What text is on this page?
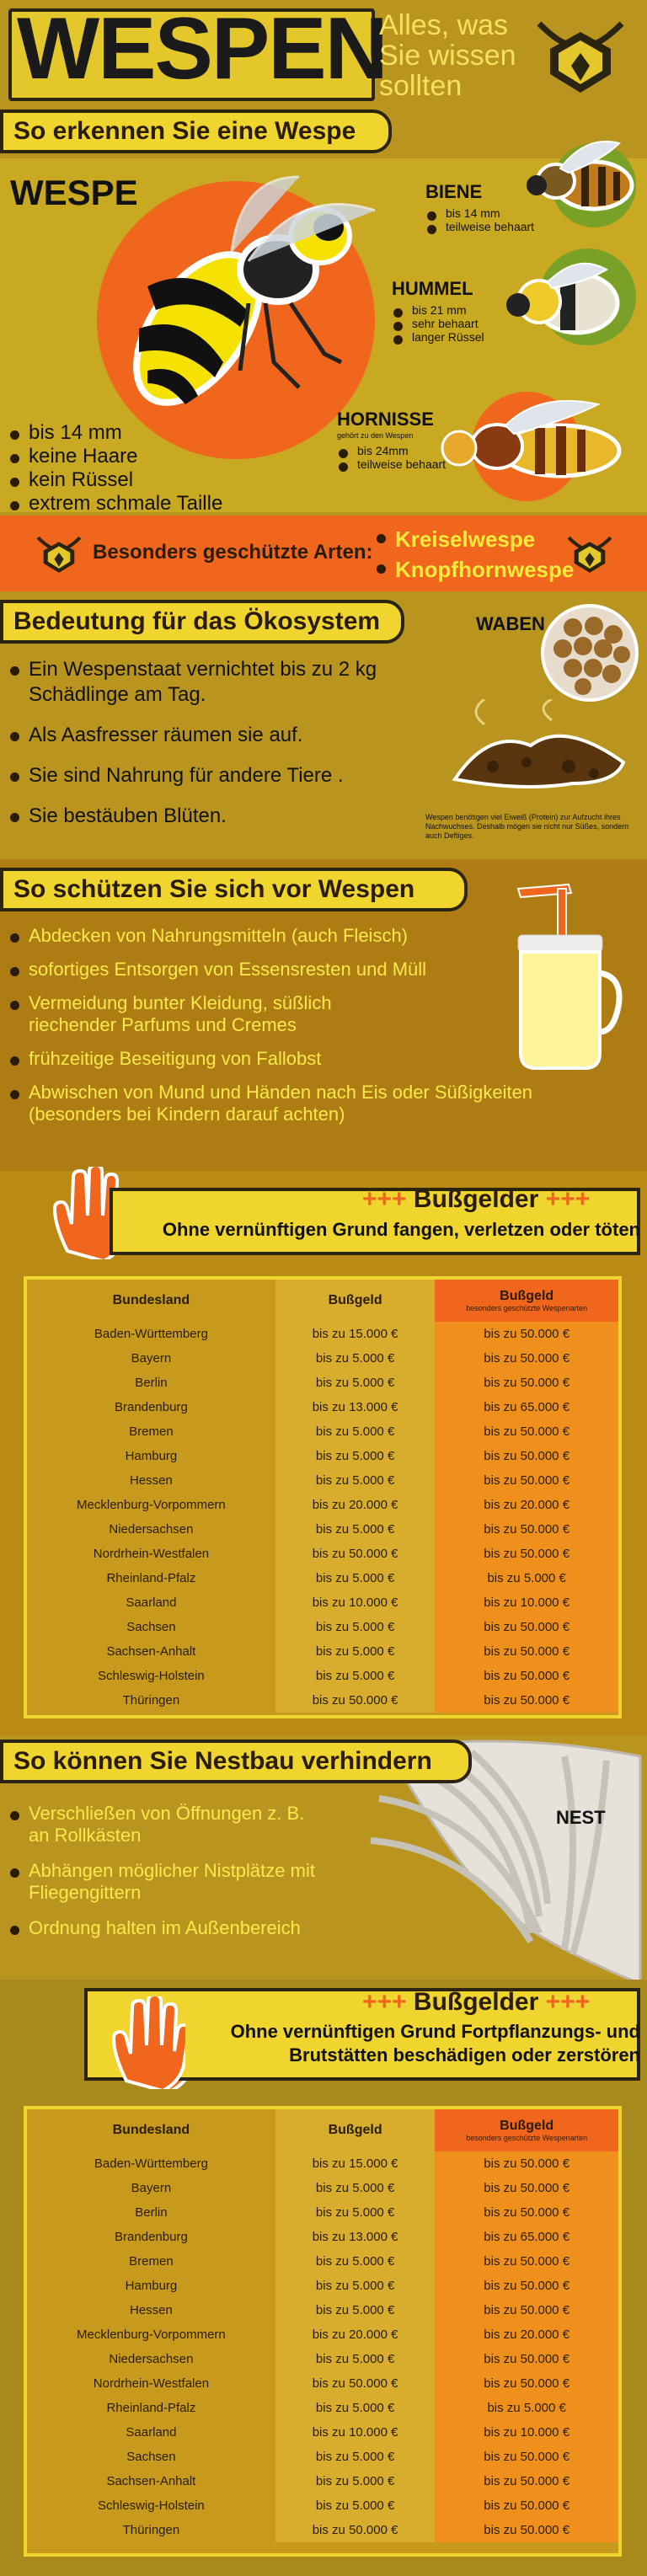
WESPEN
Alles, was Sie wissen sollten
So erkennen Sie eine Wespe
WESPE
bis 14 mm
keine Haare
kein Rüssel
extrem schmale Taille
BIENE
bis 14 mm
teilweise behaart
HUMMEL
bis 21 mm
sehr behaart
langer Rüssel
HORNISSE
gehört zu den Wespen
bis 24mm
teilweise behaart
Besonders geschützte Arten:
Kreiselwespe
Knopfhornwespe
Bedeutung für das Ökosystem
Ein Wespenstaat vernichtet bis zu 2 kg Schädlinge am Tag.
Als Aasfresser räumen sie auf.
Sie sind Nahrung für andere Tiere .
Sie bestäuben Blüten.
WABEN
Wespen benötigen viel Eiweiß (Protein) zur Aufzucht ihres Nachwuchses. Deshalb mögen sie nicht nur Süßes, sondern auch Deftiges.
So schützen Sie sich vor Wespen
Abdecken von Nahrungsmitteln (auch Fleisch)
sofortiges Entsorgen von Essensresten und Müll
Vermeidung bunter Kleidung, süßlich riechender Parfums und Cremes
frühzeitige Beseitigung von Fallobst
Abwischen von Mund und Händen nach Eis oder Süßigkeiten (besonders bei Kindern darauf achten)
+++ Bußgelder +++
Ohne vernünftigen Grund fangen, verletzen oder töten
Bundesland	Bußgeld	Bußgeld
besonders geschützte Wespenarten

Baden-Württemberg	bis zu 15.000 €	bis zu 50.000 €
Bayern	bis zu 5.000 €	bis zu 50.000 €
Berlin	bis zu 5.000 €	bis zu 50.000 €
Brandenburg	bis zu 13.000 €	bis zu 65.000 €
Bremen	bis zu 5.000 €	bis zu 50.000 €
Hamburg	bis zu 5.000 €	bis zu 50.000 €
Hessen	bis zu 5.000 €	bis zu 50.000 €
Mecklenburg-Vorpommern	bis zu 20.000 €	bis zu 20.000 €
Niedersachsen	bis zu 5.000 €	bis zu 50.000 €
Nordrhein-Westfalen	bis zu 50.000 €	bis zu 50.000 €
Rheinland-Pfalz	bis zu 5.000 €	bis zu 5.000 €
Saarland	bis zu 10.000 €	bis zu 10.000 €
Sachsen	bis zu 5.000 €	bis zu 50.000 €
Sachsen-Anhalt	bis zu 5.000 €	bis zu 50.000 €
Schleswig-Holstein	bis zu 5.000 €	bis zu 50.000 €
Thüringen	bis zu 50.000 €	bis zu 50.000 €
NEST
So können Sie Nestbau verhindern
Verschließen von Öffnungen z. B. an Rollkästen
Abhängen möglicher Nistplätze mit Fliegengittern
Ordnung halten im Außenbereich
+++ Bußgelder +++
Ohne vernünftigen Grund Fortpflanzungs- und Brutstätten beschädigen oder zerstören
Bundesland	Bußgeld	Bußgeld
besonders geschützte Wespenarten

Baden-Württemberg	bis zu 15.000 €	bis zu 50.000 €
Bayern	bis zu 5.000 €	bis zu 50.000 €
Berlin	bis zu 5.000 €	bis zu 50.000 €
Brandenburg	bis zu 13.000 €	bis zu 65.000 €
Bremen	bis zu 5.000 €	bis zu 50.000 €
Hamburg	bis zu 5.000 €	bis zu 50.000 €
Hessen	bis zu 5.000 €	bis zu 50.000 €
Mecklenburg-Vorpommern	bis zu 20.000 €	bis zu 20.000 €
Niedersachsen	bis zu 5.000 €	bis zu 50.000 €
Nordrhein-Westfalen	bis zu 50.000 €	bis zu 50.000 €
Rheinland-Pfalz	bis zu 5.000 €	bis zu 5.000 €
Saarland	bis zu 10.000 €	bis zu 10.000 €
Sachsen	bis zu 5.000 €	bis zu 50.000 €
Sachsen-Anhalt	bis zu 5.000 €	bis zu 50.000 €
Schleswig-Holstein	bis zu 5.000 €	bis zu 50.000 €
Thüringen	bis zu 50.000 €	bis zu 50.000 €
